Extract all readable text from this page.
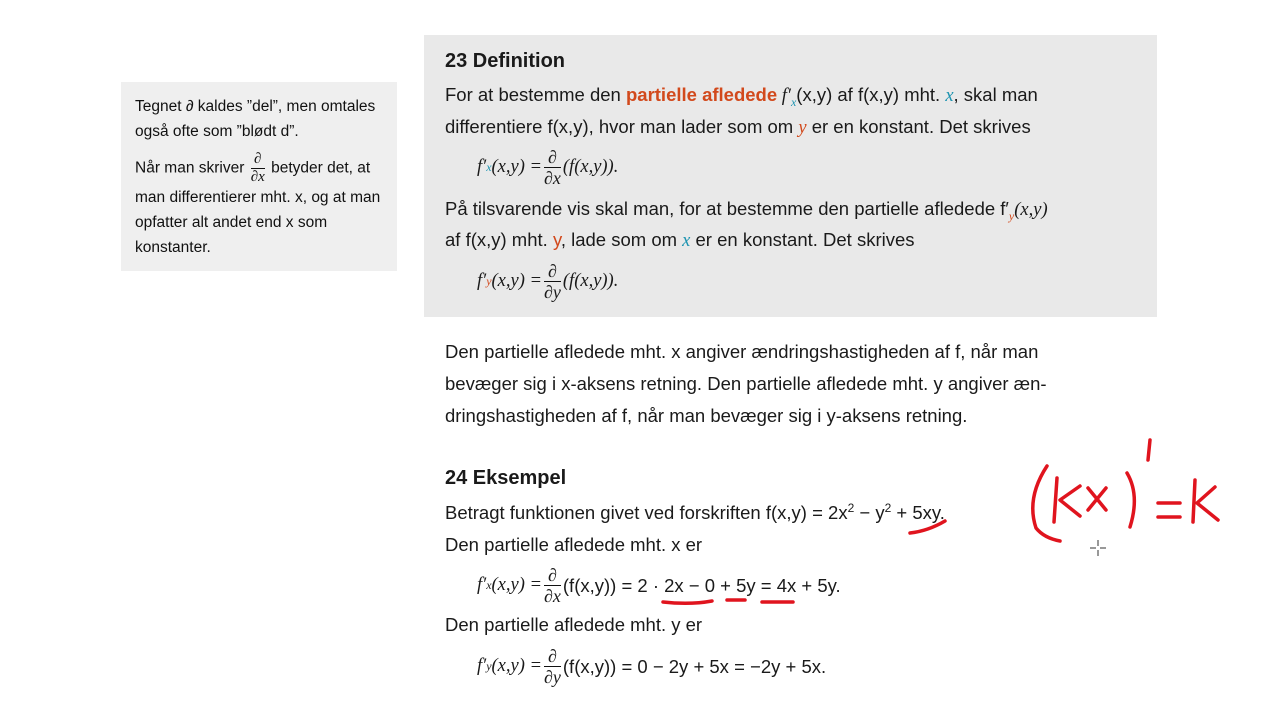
Tegnet ∂ kaldes ”del”, men omtales også ofte som ”blødt d”.

Når man skriver $\frac{\partial}{\partial x}$ betyder det, at man differentierer mht. x, og at man opfatter alt andet end x som konstanter.

23 Definition
For at bestemme den partielle afledede $f'_x(x,y)$ af f(x,y) mht. x, skal man
differentiere f(x,y), hvor man lader som om y er en konstant. Det skrives
f′ x $(x,y) = \frac{\partial}{\partial x} (f(x,y))$.
På tilsvarende vis skal man, for at bestemme den partielle afledede $f'_y(x,y)$
af f(x,y) mht. y, lade som om x er en konstant. Det skrives
f′ y $(x,y) = \frac{\partial}{\partial y} (f(x,y))$.

Den partielle afledede mht. x angiver ændringshastigheden af f, når man

bevæger sig i x-aksens retning. Den partielle afledede mht. y angiver æn-

dringshastigheden af f, når man bevæger sig i y-aksens retning.

24 Eksempel
Betragt funktionen givet ved forskriften $f(x,y) = 2x^2 - y^2 + 5xy$.
Den partielle afledede mht. x er
f′ x $(x,y) = \frac{\partial}{\partial x} (f(x,y)) = 2 \cdot 2x - 0 + 5y = 4x + 5y$.
Den partielle afledede mht. y er
f′ y $(x,y) = \frac{\partial}{\partial y} (f(x,y)) = 0 - 2y + 5x = -2y + 5x$.
